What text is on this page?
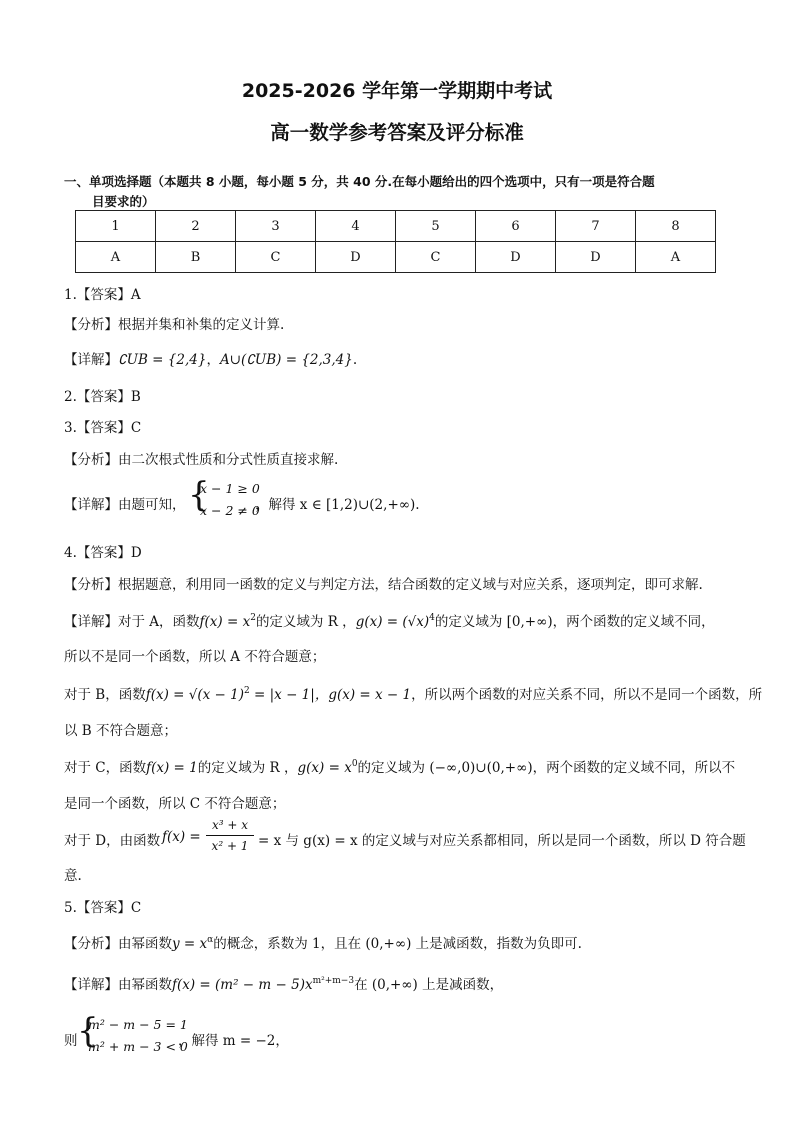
2025-2026 学年第一学期期中考试
高一数学参考答案及评分标准
一、单项选择题（本题共 8 小题，每小题 5 分，共 40 分.在每小题给出的四个选项中，只有一项是符合题
目要求的）
1	2	3	4	5	6	7	8
A	B	C	D	C	D	D	A
1.【答案】A
【分析】根据并集和补集的定义计算.
【详解】∁UB = {2,4}，A∪(∁UB) = {2,3,4}.
2.【答案】B
3.【答案】C
【分析】由二次根式性质和分式性质直接求解.
【详解】由题可知， {
x − 1 ≥ 0
x − 2 ≠ 0
，解得 x ∈ [1,2)∪(2,+∞).
4.【答案】D
【分析】根据题意，利用同一函数的定义与判定方法，结合函数的定义域与对应关系，逐项判定，即可求解.
【详解】对于 A，函数$f(x) = x^2$的定义域为 R ，$g(x) = (√x)^4$的定义域为 [0,+∞)，两个函数的定义域不同，
所以不是同一个函数，所以 A 不符合题意；
对于 B，函数$f(x) = √(x - 1)^2 = |x - 1|$，g(x) = x − 1，所以两个函数的对应关系不同，所以不是同一个函数，所
以 B 不符合题意；
对于 C，函数f(x) = 1的定义域为 R ，$g(x) = x^0$的定义域为 (−∞,0)∪(0,+∞)，两个函数的定义域不同，所以不
是同一个函数，所以 C 不符合题意；
对于 D，由函数 f(x) =
x³ + x
x² + 1 = x 与 g(x) = x 的定义域与对应关系都相同，所以是同一个函数，所以 D 符合题
意.
5.【答案】C
【分析】由幂函数$y = x^\alpha$的概念，系数为 1，且在 (0,+∞) 上是减函数，指数为负即可.
【详解】由幂函数$f(x) = (m^2 - m - 5)x^{m^2+m-3}$在 (0,+∞) 上是减函数，
则 {
m² − m − 5 = 1
m² + m − 3 < 0
，解得 m = −2，
